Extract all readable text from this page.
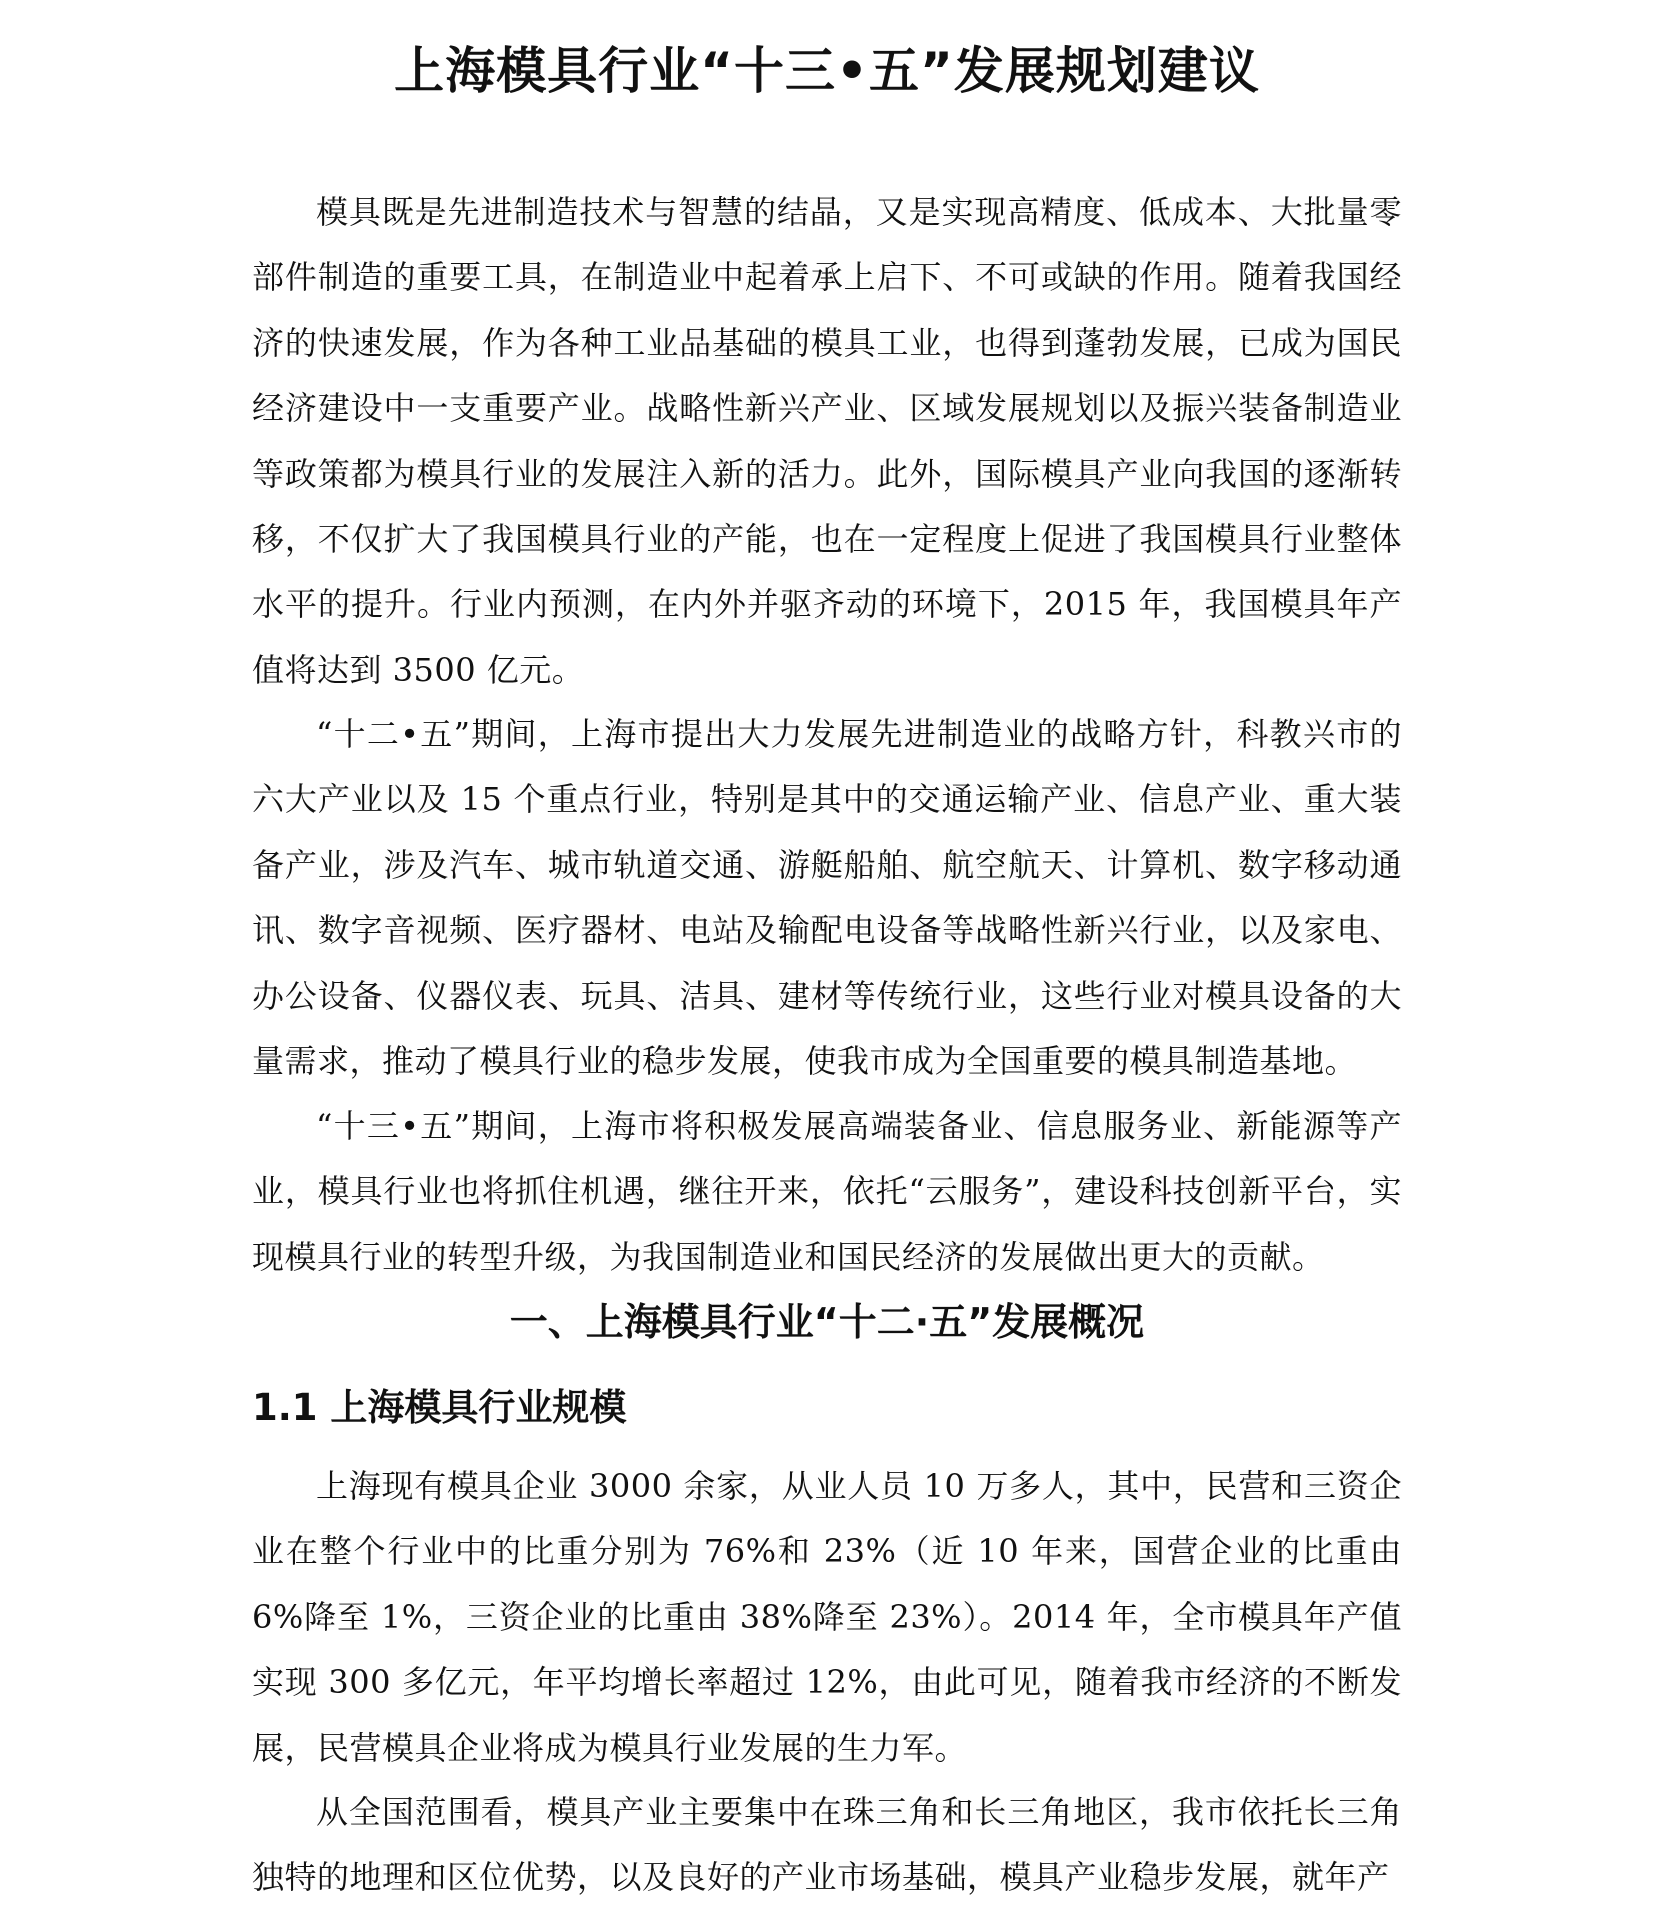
上海模具行业“十三•五”发展规划建议

模具既是先进制造技术与智慧的结晶，又是实现高精度、低成本、大批量零部件制造的重要工具，在制造业中起着承上启下、不可或缺的作用。随着我国经济的快速发展，作为各种工业品基础的模具工业，也得到蓬勃发展，已成为国民经济建设中一支重要产业。战略性新兴产业、区域发展规划以及振兴装备制造业等政策都为模具行业的发展注入新的活力。此外，国际模具产业向我国的逐渐转移，不仅扩大了我国模具行业的产能，也在一定程度上促进了我国模具行业整体水平的提升。行业内预测，在内外并驱齐动的环境下，2015 年，我国模具年产值将达到 3500 亿元。

“十二•五”期间，上海市提出大力发展先进制造业的战略方针，科教兴市的六大产业以及 15 个重点行业，特别是其中的交通运输产业、信息产业、重大装备产业，涉及汽车、城市轨道交通、游艇船舶、航空航天、计算机、数字移动通讯、数字音视频、医疗器材、电站及输配电设备等战略性新兴行业，以及家电、办公设备、仪器仪表、玩具、洁具、建材等传统行业，这些行业对模具设备的大量需求，推动了模具行业的稳步发展，使我市成为全国重要的模具制造基地。

“十三•五”期间，上海市将积极发展高端装备业、信息服务业、新能源等产业，模具行业也将抓住机遇，继往开来，依托“云服务”，建设科技创新平台，实现模具行业的转型升级，为我国制造业和国民经济的发展做出更大的贡献。

一、上海模具行业“十二·五”发展概况
1.1 上海模具行业规模

上海现有模具企业 3000 余家，从业人员 10 万多人，其中，民营和三资企业在整个行业中的比重分别为 76%和 23%（近 10 年来，国营企业的比重由 6%降至 1%，三资企业的比重由 38%降至 23%）。2014 年，全市模具年产值实现 300 多亿元，年平均增长率超过 12%，由此可见，随着我市经济的不断发展，民营模具企业将成为模具行业发展的生力军。

从全国范围看，模具产业主要集中在珠三角和长三角地区，我市依托长三角独特的地理和区位优势，以及良好的产业市场基础，模具产业稳步发展，就年产
